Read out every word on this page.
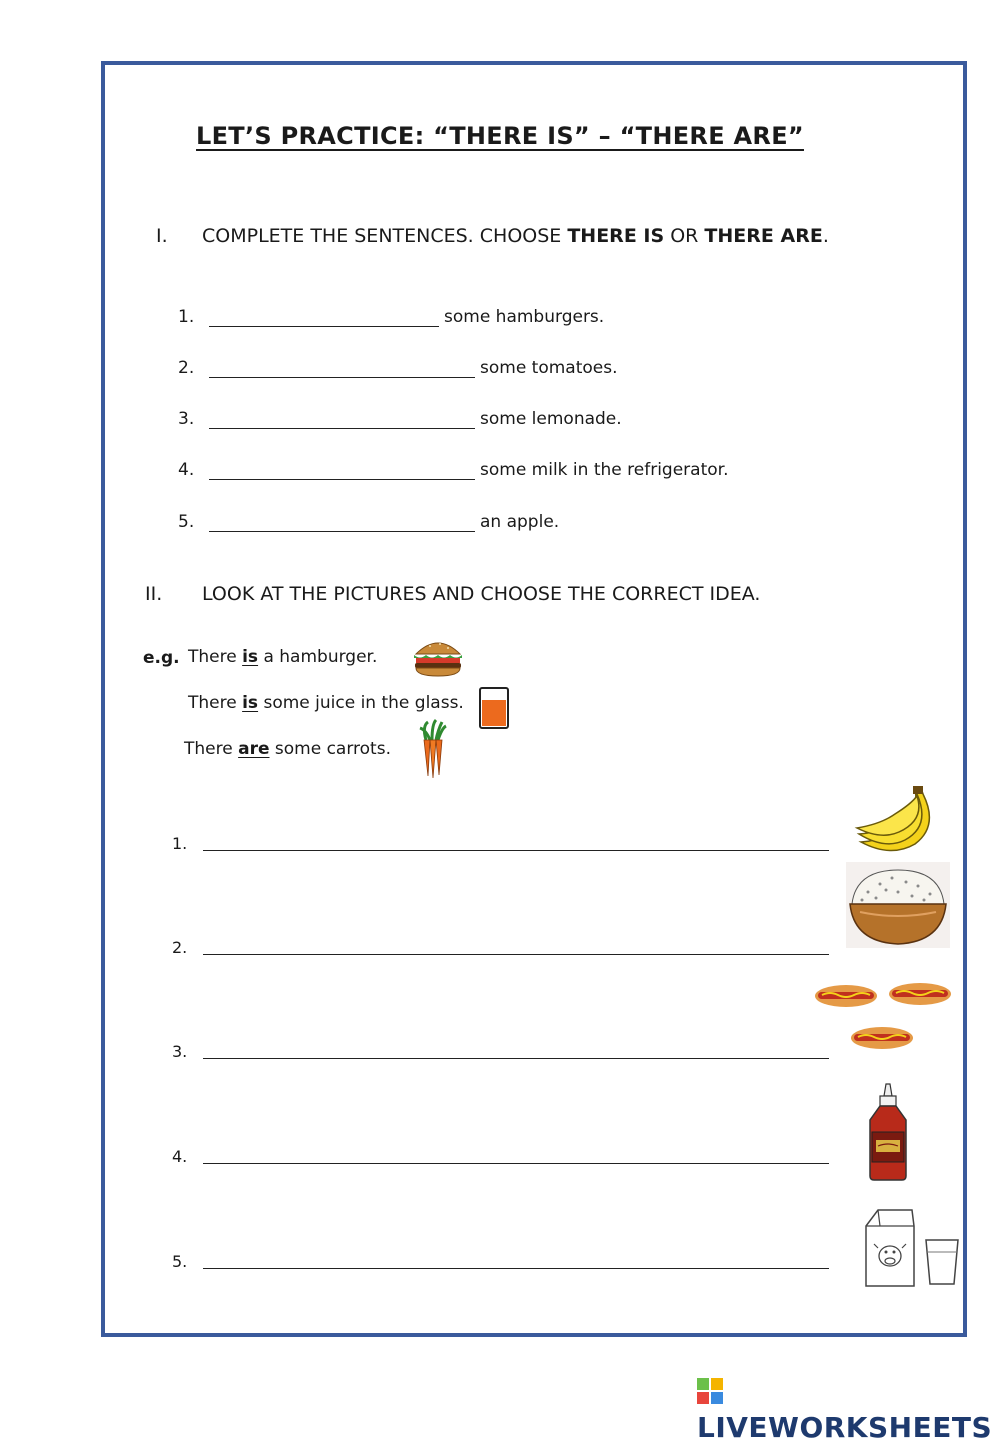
LET’S PRACTICE: “THERE IS” – “THERE ARE”
I. COMPLETE THE SENTENCES. CHOOSE THERE IS OR THERE ARE.
1.	some hamburgers.
2.	some tomatoes.
3.	some lemonade.
4.	some milk in the refrigerator.
5.	an apple.
II. LOOK AT THE PICTURES AND CHOOSE THE CORRECT IDEA.
e.g. There is a hamburger.
There is some juice in the glass.
There are some carrots.
1.
2.
3.
4.
5.
LIVEWORKSHEETS
